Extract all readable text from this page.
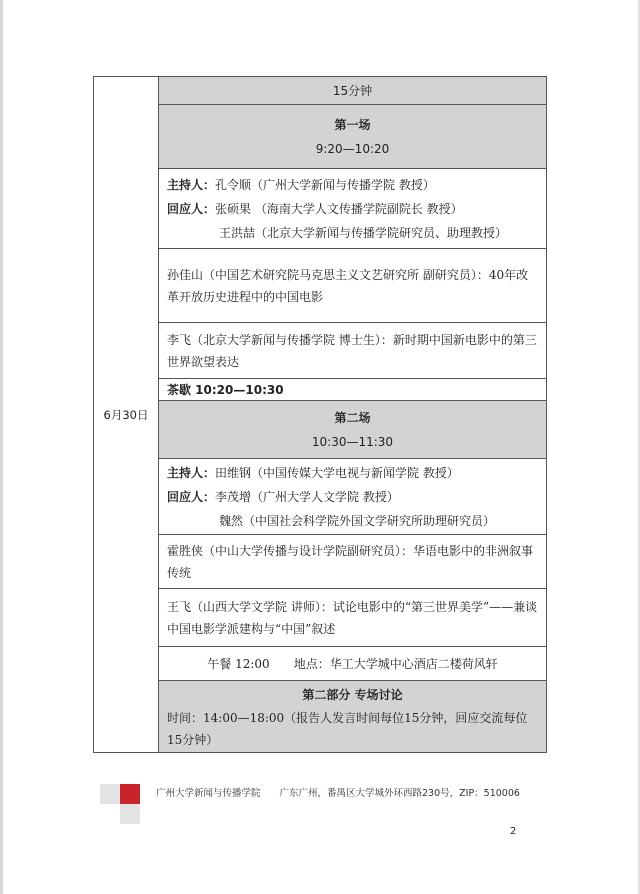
6月30日	15分钟

第一场
9:20—10:20

主持人：孔令顺（广州大学新闻与传播学院 教授）
回应人：张硕果 （海南大学人文传播学院副院长 教授）
王洪喆（北京大学新闻与传播学院研究员、助理教授）

孙佳山（中国艺术研究院马克思主义文艺研究所 副研究员）：40年改革开放历史进程中的中国电影

李飞（北京大学新闻与传播学院 博士生）：新时期中国新电影中的第三世界欲望表达

茶歇 10:20—10:30

第二场
10:30—11:30

主持人：田维钢（中国传媒大学电视与新闻学院 教授）
回应人：李茂增（广州大学人文学院 教授）
魏然（中国社会科学院外国文学研究所助理研究员）

霍胜侠（中山大学传播与设计学院副研究员）：华语电影中的非洲叙事传统

王飞（山西大学文学院 讲师）：试论电影中的“第三世界美学”——兼谈中国电影学派建构与“中国”叙述

午餐 12:00　　地点：华工大学城中心酒店二楼荷风轩

第二部分 专场讨论
时间：14:00—18:00（报告人发言时间每位15分钟，回应交流每位15分钟）
广州大学新闻与传播学院　　广东广州，番禺区大学城外环西路230号，ZIP：510006
2
